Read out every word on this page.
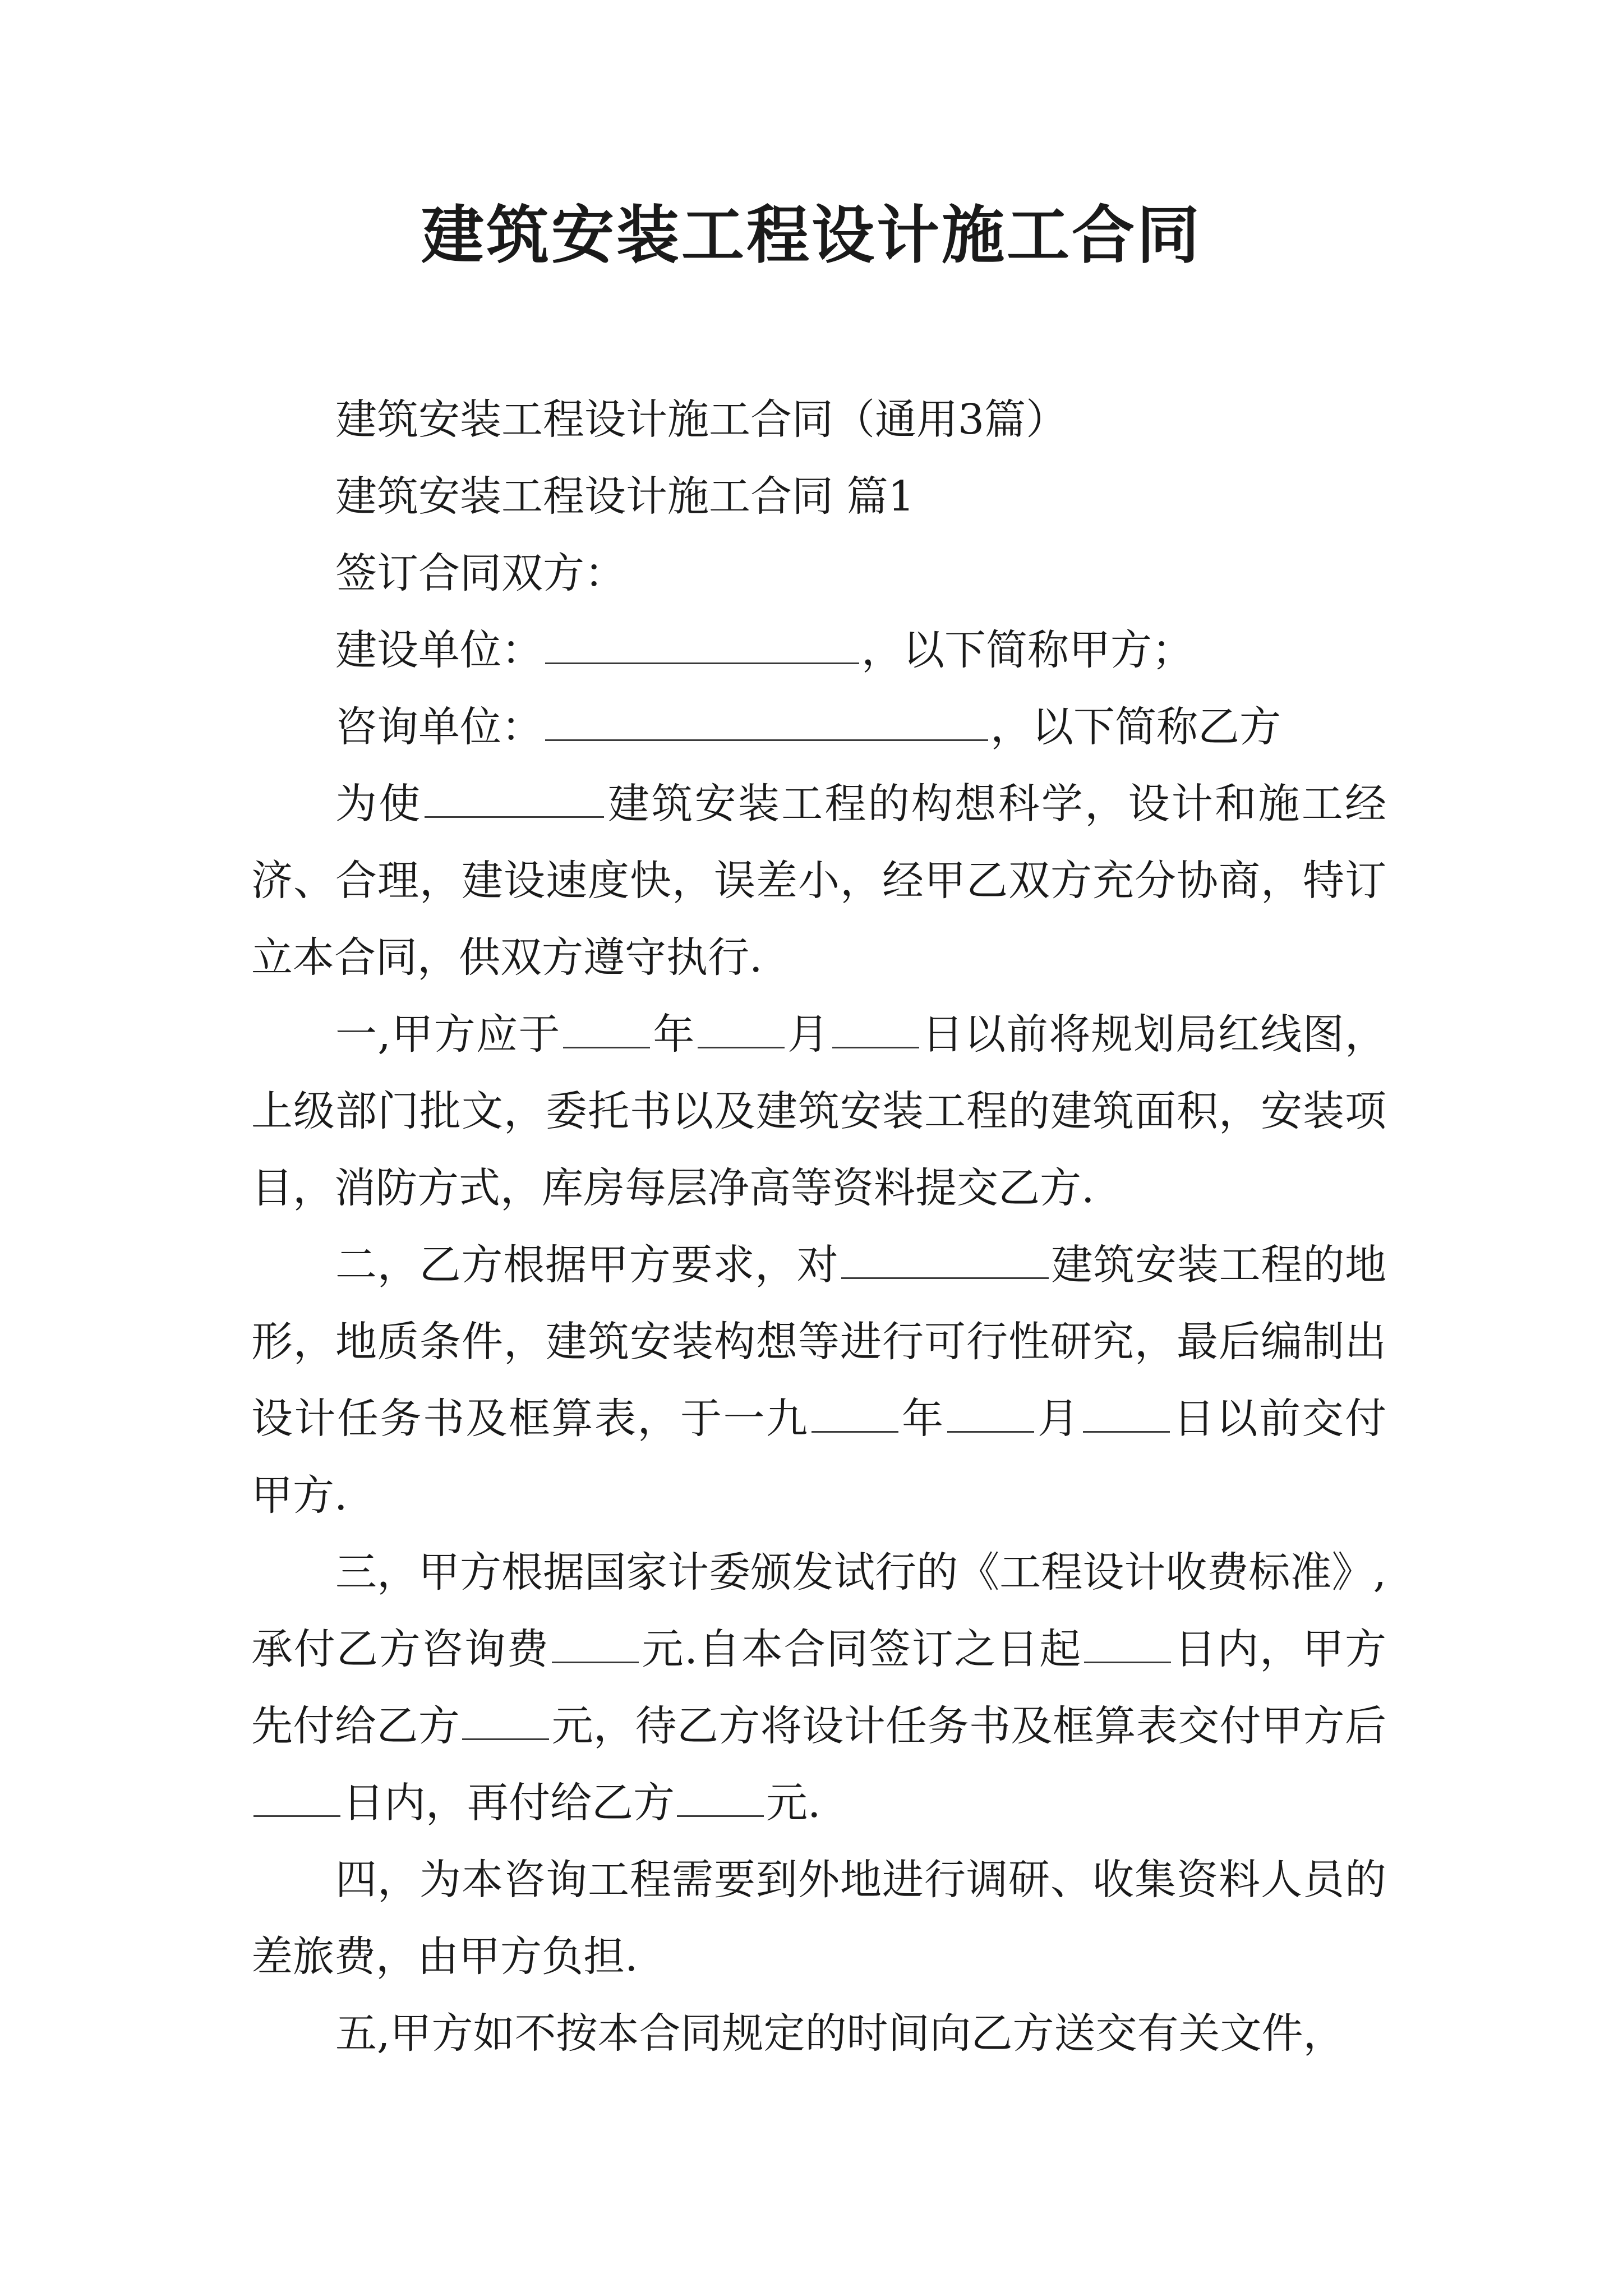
建筑安装工程设计施工合同

建筑安装工程设计施工合同（通用3篇）

建筑安装工程设计施工合同 篇1

签订合同双方：

建设单位：	，以下简称甲方；

咨询单位：	，以下简称乙方

为使	建筑安装工程的构想科学，设计和施工经济、合理，建设速度快，误差小，经甲乙双方充分协商，特订立本合同，供双方遵守执行.

一,甲方应于 年 月 日以前将规划局红线图，上级部门批文，委托书以及建筑安装工程的建筑面积，安装项目，消防方式，库房每层净高等资料提交乙方.

二，乙方根据甲方要求，对	建筑安装工程的地形，地质条件，建筑安装构想等进行可行性研究，最后编制出设计任务书及框算表，于一九 年 月 日以前交付甲方.

三，甲方根据国家计委颁发试行的《工程设计收费标准》,承付乙方咨询费 元.自本合同签订之日起 日内，甲方先付给乙方 元，待乙方将设计任务书及框算表交付甲方后日内，再付给乙方 元.

四，为本咨询工程需要到外地进行调研、收集资料人员的差旅费，由甲方负担.

五,甲方如不按本合同规定的时间向乙方送交有关文件，
